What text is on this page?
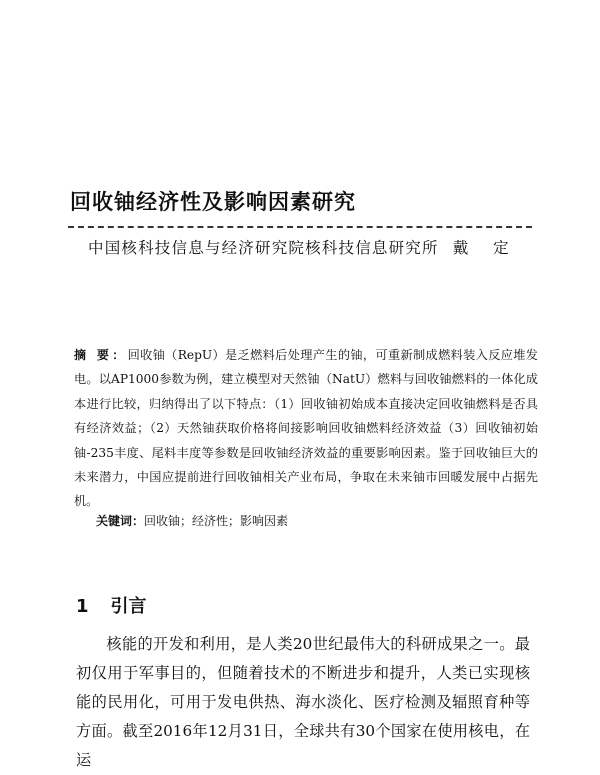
回收铀经济性及影响因素研究
中国核科技信息与经济研究院核科技信息研究所 戴 定
摘 要：回收铀（RepU）是乏燃料后处理产生的铀，可重新制成燃料装入反应堆发电。以AP1000参数为例，建立模型对天然铀（NatU）燃料与回收铀燃料的一体化成本进行比较，归纳得出了以下特点：（1）回收铀初始成本直接决定回收铀燃料是否具有经济效益；（2）天然铀获取价格将间接影响回收铀燃料经济效益（3）回收铀初始铀-235丰度、尾料丰度等参数是回收铀经济效益的重要影响因素。鉴于回收铀巨大的未来潜力，中国应提前进行回收铀相关产业布局，争取在未来铀市回暖发展中占据先机。
关键词：回收铀；经济性；影响因素
1 引言
核能的开发和利用，是人类20世纪最伟大的科研成果之一。最初仅用于军事目的，但随着技术的不断进步和提升，人类已实现核能的民用化，可用于发电供热、海水淡化、医疗检测及辐照育种等方面。截至2016年12月31日，全球共有30个国家在使用核电，在运
